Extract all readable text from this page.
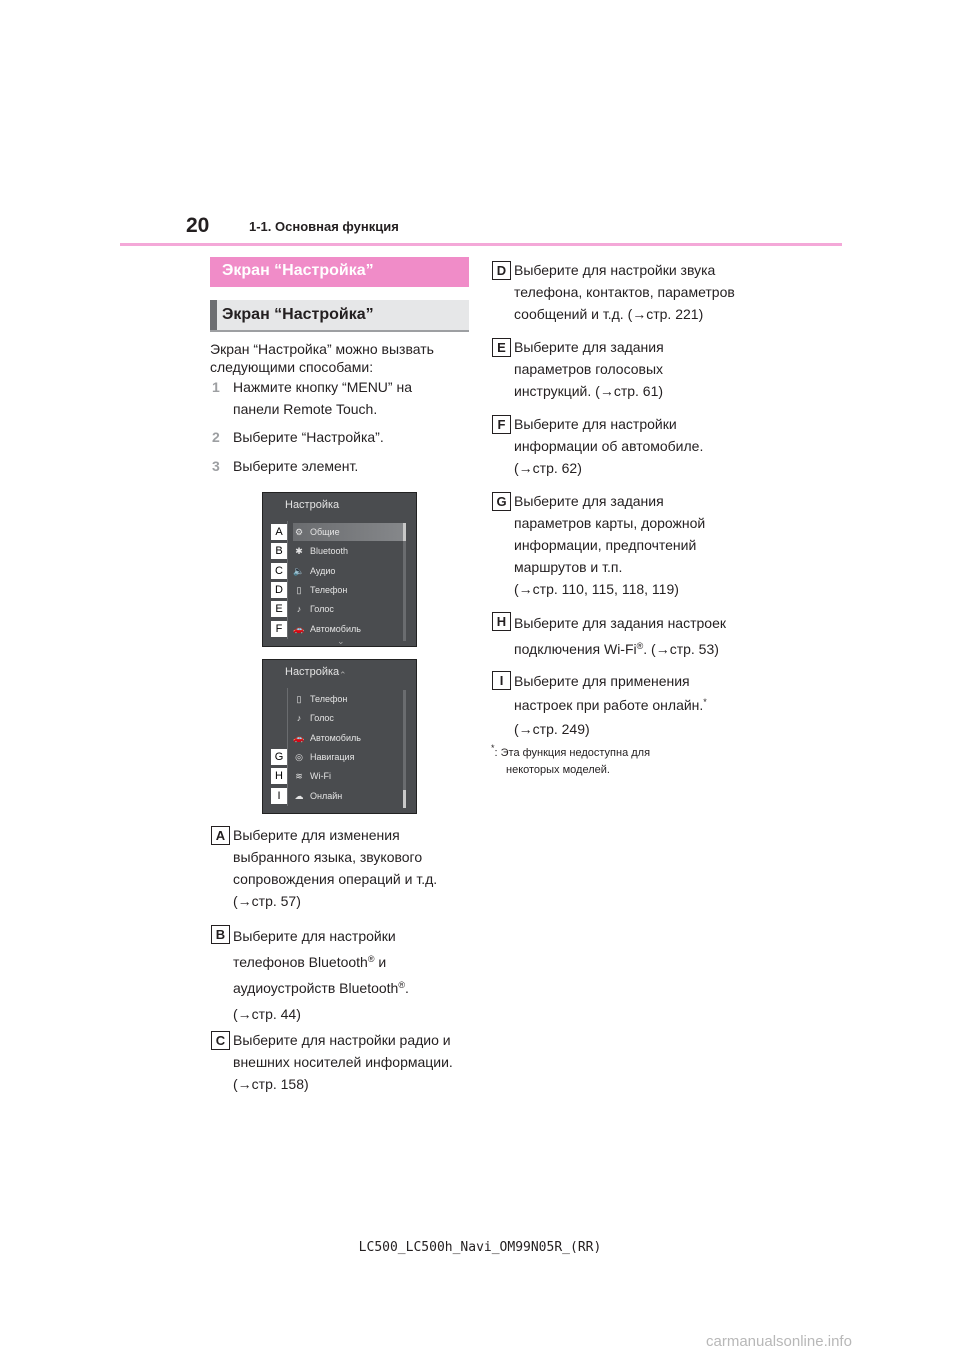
20	1-1. Основная функция
Экран “Настройка”
Экран “Настройка”
Экран “Настройка” можно вызвать
следующими способами:
1 Нажмите кнопку “MENU” на
панели Remote Touch.
2 Выберите “Настройка”.
3 Выберите элемент.
Настройка
⌄
A	⚙ Общие
B	✱ Bluetooth
C	🔈 Аудио
D	▯ Телефон
E	♪ Голос
F	🚗 Автомобиль
Настройка ⌃
▯ Телефон
♪ Голос
🚗 Автомобиль
G	◎ Навигация
H	≋ Wi-Fi
I	☁ Онлайн
A Выберите для изменения
выбранного языка, звукового
сопровождения операций и т.д.
(→стр. 57)
B Выберите для настройки
телефонов Bluetooth® и
аудиоустройств Bluetooth®.
(→стр. 44)
C Выберите для настройки радио и
внешних носителей информации.
(→стр. 158)
D Выберите для настройки звука
телефона, контактов, параметров
сообщений и т.д. (→стр. 221)
E Выберите для задания
параметров голосовых
инструкций. (→стр. 61)
F Выберите для настройки
информации об автомобиле.
(→стр. 62)
G Выберите для задания
параметров карты, дорожной
информации, предпочтений
маршрутов и т.п.
(→стр. 110, 115, 118, 119)
H Выберите для задания настроек
подключения Wi-Fi®. (→стр. 53)
I Выберите для применения
настроек при работе онлайн.*
(→стр. 249)
*: Эта функция недоступна для
некоторых моделей.
LC500_LC500h_Navi_OM99N05R_(RR)
carmanualsonline.info
